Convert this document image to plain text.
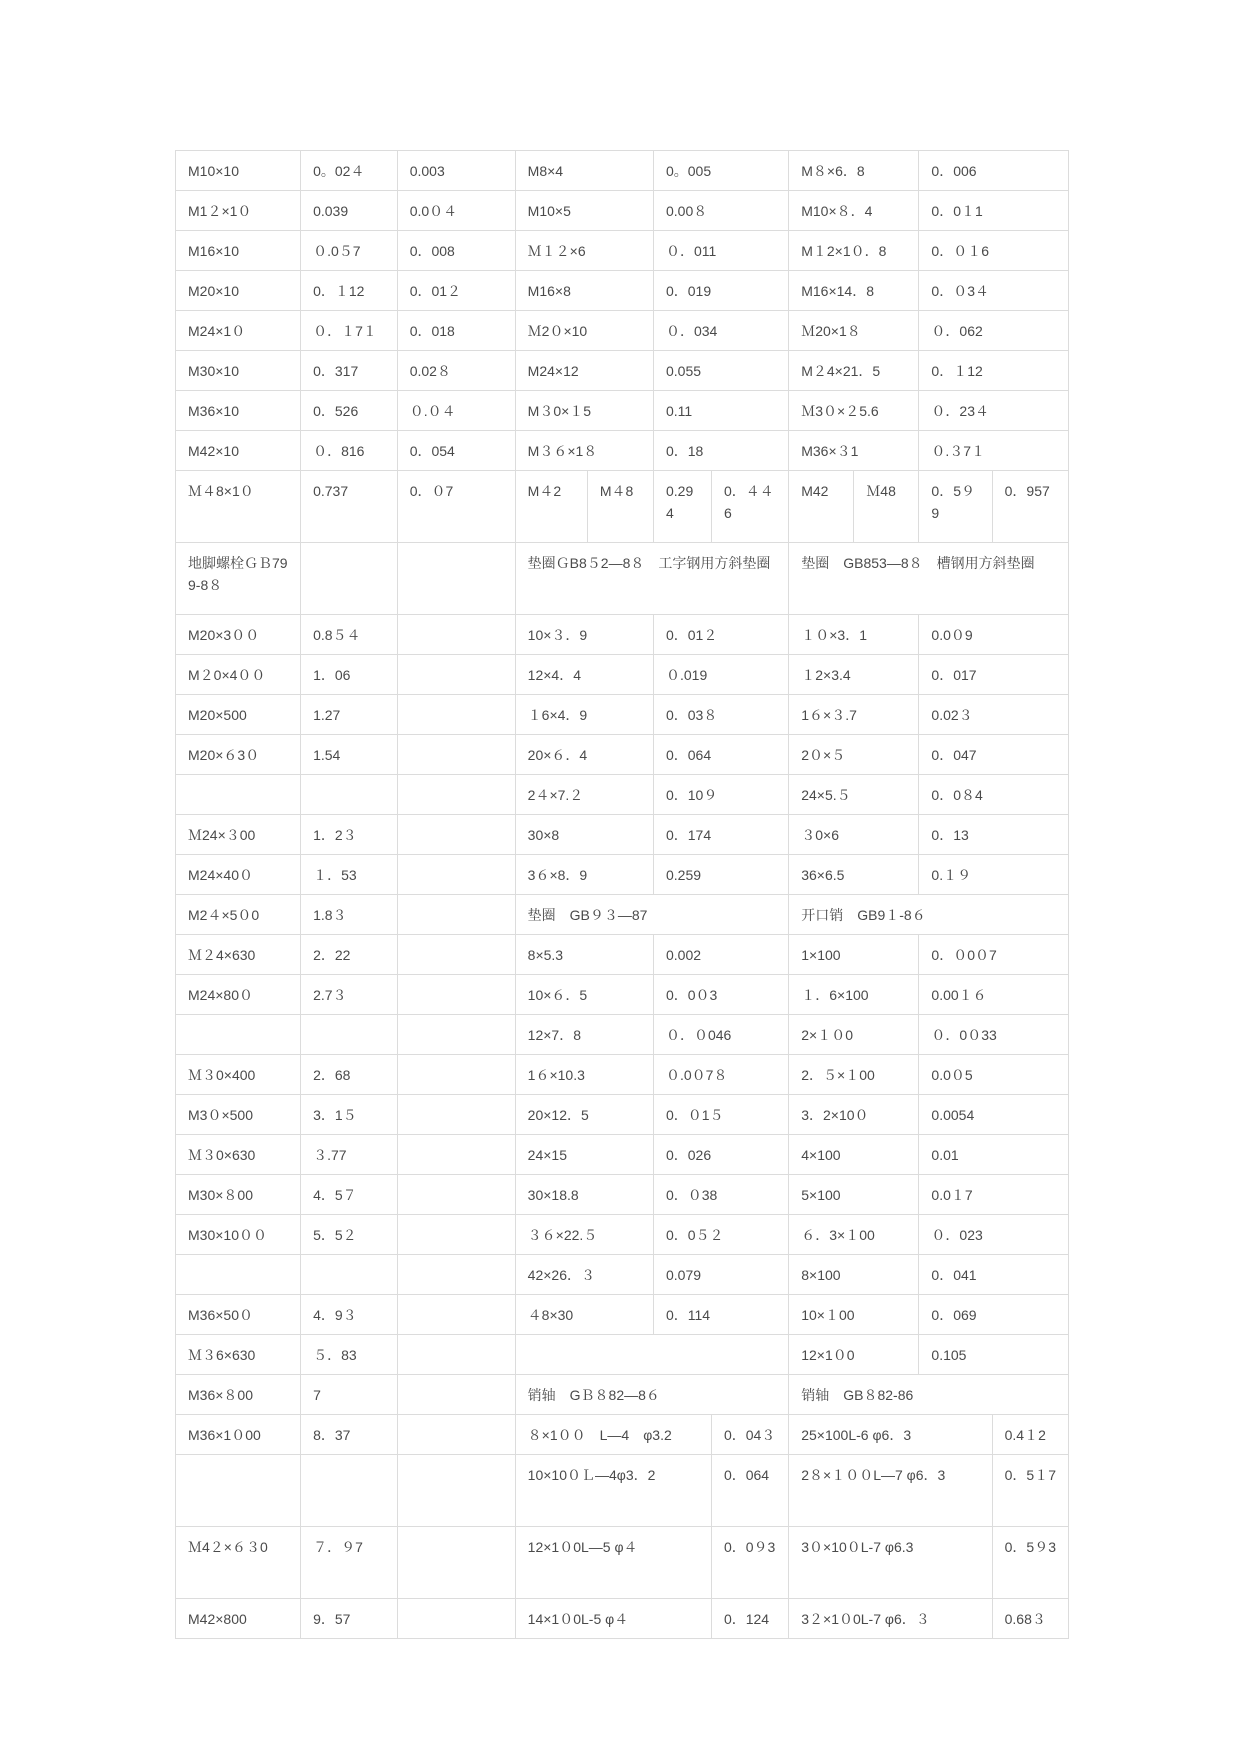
M10×10	0。02４	0.003	M8×4		0。005		M８×6．8		0．006	
M1２×1０	0.039	0.0０４	M10×5		0.00８		M10×８．4		0．0１1	
M16×10	０.0５7	0．008	Ｍ１２×6		０．011		M１2×1０．8		0．０１6	
M20×10	0．１12	0．01２	M16×8		0．019		M16×14．8		0．０3４	
M24×1０	０．１7１	0．018	Ｍ2０×10		０．034		Ｍ20×1８		０．062	
M30×10	0．317	0.02８	M24×12		0.055		M２4×21．5		0．１12	
M36×10	0．526	０.０４	M３0×１5		0.11		Ｍ3０×２5.6		０．23４	
M42×10	０．816	0．054	M３６×1８		0．18		M36×３1		０.３7１	
Ｍ４8×1０	0.737	0．０7	M４2	M４8	0.294	0．４４6	M42	Ｍ48	0．5９9	0．957
地脚螺栓ＧＢ799-8８			垫圈ＧB8５2—8８　工字钢用方斜垫圈				垫圈　GB853—8８　槽钢用方斜垫圈			
M20×3００	0.8５４		10×３．9		0．01２		１０×3．1		0.0０9	
M２0×4００	1．06		12×4．4		０.019		１2×3.4		0．017	
M20×500	1.27		１6×4．9		0．03８		1６×３.7		0.02３	
M20×６3０	1.54		20×６．4		0．064		2０×５		0．047	
			2４×7.２		0．10９		24×5.５		0．0８4	
Ｍ24×３00	1．2３		30×8		0．174		３0×6		0．13	
M24×40０	１．53		3６×8．9		0.259		36×6.5		0.１９	
M2４×5０0	1.8３		垫圈　GB９３—87				开口销　GB9１-8６			
Ｍ２4×630	2．22		8×5.3		0.002		1×100		0．０0０7	
M24×80０	2.7３		10×６．5		0．0０3		１．6×100		0.00１６	
			12×7．8		０．０046		2×１０0		０．0０33	
Ｍ３0×400	2．68		1６×10.3		０.0０7８		2．５×１00		0.0０5	
M3０×500	3．1５		20×12．5		0．０1５		3．2×10０		0.0054	
Ｍ３0×630	３.77		24×15		0．026		4×100		0.01	
M30×８00	4．5７		30×18.8		0．０38		5×100		0.0１7	
M30×10００	5．5２		３６×22.５		0．0５２		６．3×１00		０．023	
			42×26．３		0.079		8×100		0．041	
M36×50０	4．9３		４8×30		0．114		10×１00		0．069	
Ｍ３6×630	５．83						12×1０0		0.105	
M36×８00	7		销轴　GＢ８82—8６				销轴　GB８82-86			
M36×1０00	8．37		８×1００　L—4　φ3.2			0．04３	25×100L-6 φ6．3			0.4１2
			10×10０Ｌ—4φ3．2			0．064	2８×１００L—7 φ6．3			0．5１7
Ｍ4２×６３0	７．９7		12×1０0L—5 φ４			0．0９3	3０×10０L-7 φ6.3			0．5９3
M42×800	9．57		14×1０0L-5 φ４			0．124	3２×1０0L-7 φ6．３			0.68３
